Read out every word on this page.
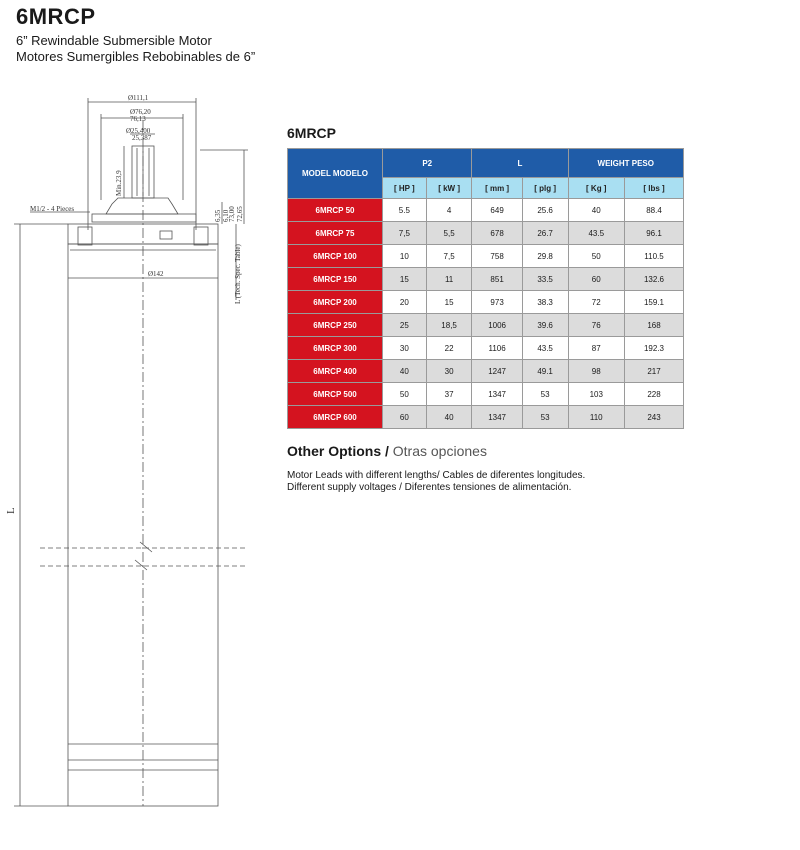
6MRCP
6” Rewindable Submersible Motor
Motores Sumergibles Rebobinables de 6”
Ø111,1
Ø76,20
76,13
Ø25,400
25,387
Min.23,9
6,35 6,10
73,00 72,65
M1/2 - 4 Pieces
Ø142	L (Tech. Spec. Table)
L
6MRCP
MODEL MODELO	P2		L		WEIGHT PESO	
	[ HP ]	[ kW ]	[ mm ]	[ plg ]	[ Kg ]	[ lbs ]
6MRCP 50	5.5	4	649	25.6	40	88.4
6MRCP 75	7,5	5,5	678	26.7	43.5	96.1
6MRCP 100	10	7,5	758	29.8	50	110.5
6MRCP 150	15	11	851	33.5	60	132.6
6MRCP 200	20	15	973	38.3	72	159.1
6MRCP 250	25	18,5	1006	39.6	76	168
6MRCP 300	30	22	1106	43.5	87	192.3
6MRCP 400	40	30	1247	49.1	98	217
6MRCP 500	50	37	1347	53	103	228
6MRCP 600	60	40	1347	53	110	243
Other Options / Otras opciones
Motor Leads with different lengths/ Cables de diferentes longitudes.
Different supply voltages / Diferentes tensiones de alimentación.
